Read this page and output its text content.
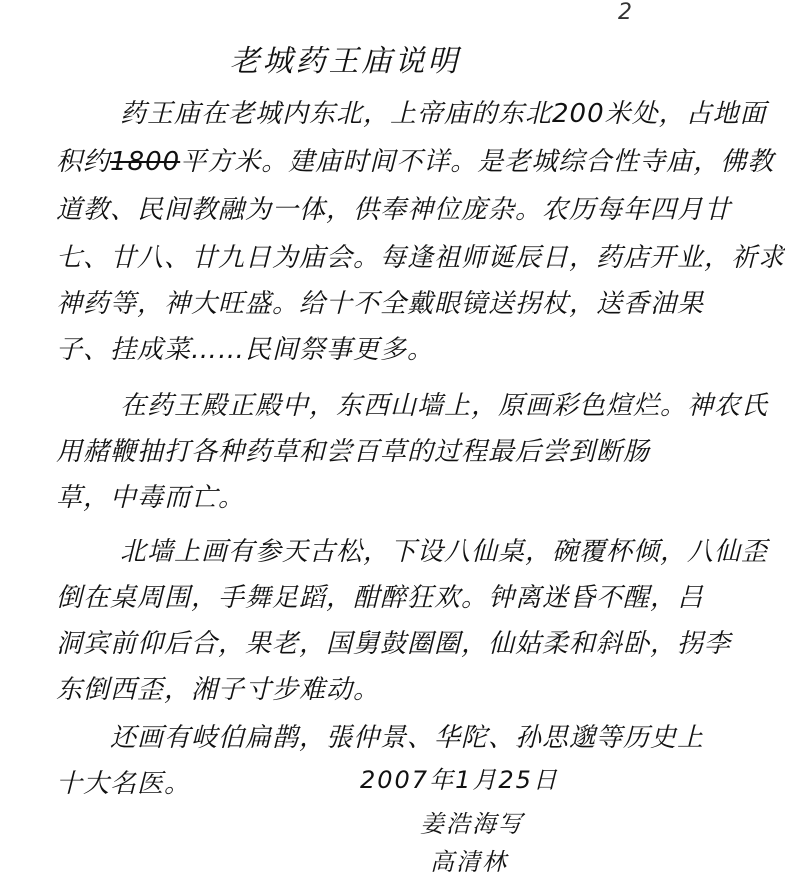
2
老城药王庙说明

药王庙在老城内东北，上帝庙的东北200米处，占地面

积约1800平方米。建庙时间不详。是老城综合性寺庙，佛教

道教、民间教融为一体，供奉神位庞杂。农历每年四月廿

七、廿八、廿九日为庙会。每逢祖师诞辰日，药店开业，祈求

神药等，神大旺盛。给十不全戴眼镜送拐杖，送香油果

子、挂成菜……民间祭事更多。

在药王殿正殿中，东西山墙上，原画彩色煊烂。神农氏

用赭鞭抽打各种药草和尝百草的过程最后尝到断肠

草，中毒而亡。

北墙上画有参天古松，下设八仙桌，碗覆杯倾，八仙歪

倒在桌周围，手舞足蹈，酣醉狂欢。钟离迷昏不醒，吕

洞宾前仰后合，果老，国舅鼓圈圈，仙姑柔和斜卧，拐李

东倒西歪，湘子寸步难动。

还画有岐伯扁鹊，張仲景、华陀、孙思邈等历史上

十大名医。	2007年1月25日
姜浩海写
高清林
